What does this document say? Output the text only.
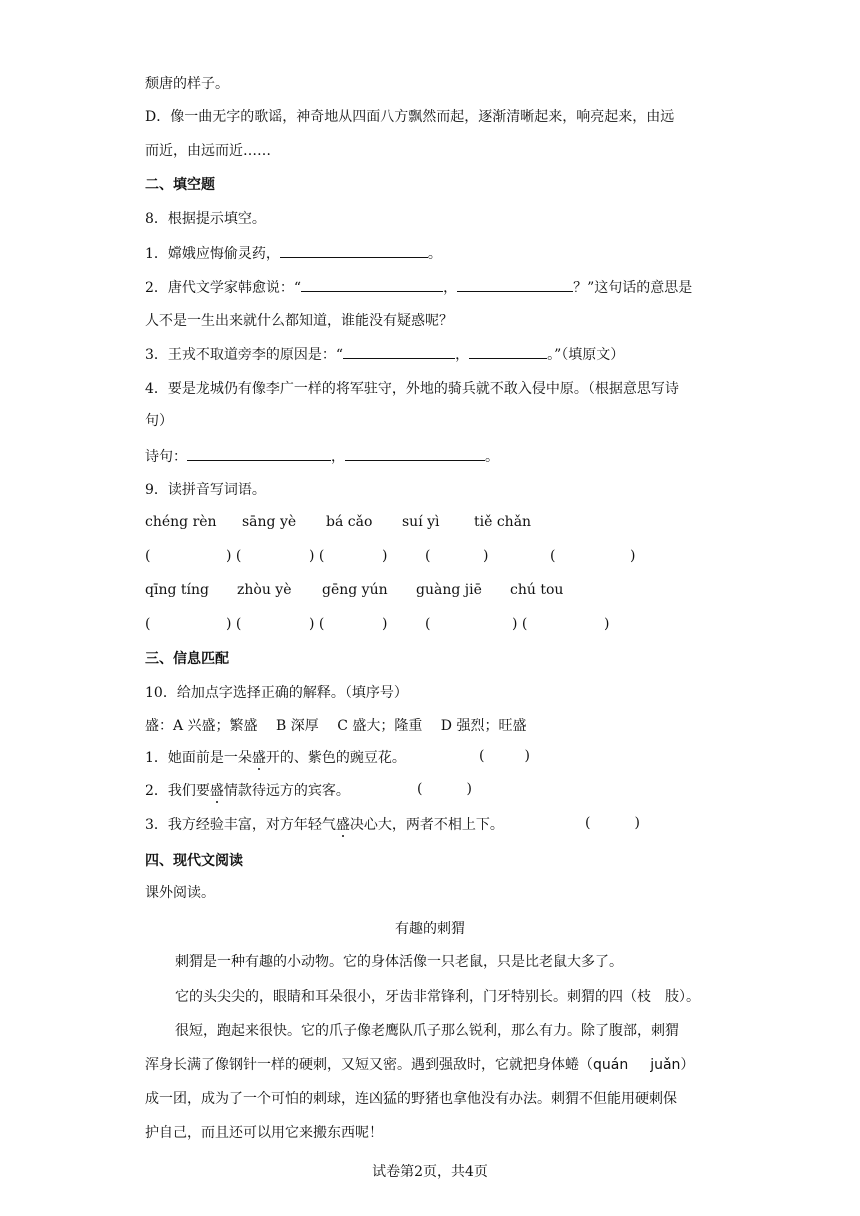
颓唐的样子。
D．像一曲无字的歌谣，神奇地从四面八方飘然而起，逐渐清晰起来，响亮起来，由远
而近，由远而近……
二、填空题
8．根据提示填空。
1．嫦娥应悔偷灵药，	。
2．唐代文学家韩愈说：“	，	？”这句话的意思是
人不是一生出来就什么都知道，谁能没有疑惑呢？
3．王戎不取道旁李的原因是：“	，	。”（填原文）
4．要是龙城仍有像李广一样的将军驻守，外地的骑兵就不敢入侵中原。（根据意思写诗
句）
诗句：	，	。
9．读拼音写词语。
chéng rèn sāng yè bá cǎo suí yì tiě chǎn
(	) (	) (	)	(	)	(	)
qīng tíng zhòu yè gēng yún guàng jiē chú tou
(	) (	) (	)	(	) (	)
三、信息匹配
10．给加点字选择正确的解释。（填序号）
盛：A 兴盛；繁盛　 B 深厚　 C 盛大；隆重　 D 强烈；旺盛
1．她面前是一朵盛开的、紫色的豌豆花。	(	)
2．我们要盛情款待远方的宾客。	(	)
3．我方经验丰富，对方年轻气盛决心大，两者不相上下。	(	)
四、现代文阅读
课外阅读。
有趣的刺猬
刺猬是一种有趣的小动物。它的身体活像一只老鼠，只是比老鼠大多了。
它的头尖尖的，眼睛和耳朵很小，牙齿非常锋利，门牙特别长。刺猬的四（枝　肢）。
很短，跑起来很快。它的爪子像老鹰队爪子那么锐利，那么有力。除了腹部，刺猬
浑身长满了像钢针一样的硬刺，又短又密。遇到强敌时，它就把身体蜷（quán juǎn）
成一团，成为了一个可怕的刺球，连凶猛的野猪也拿他没有办法。刺猬不但能用硬刺保
护自己，而且还可以用它来搬东西呢！
试卷第2页，共4页
